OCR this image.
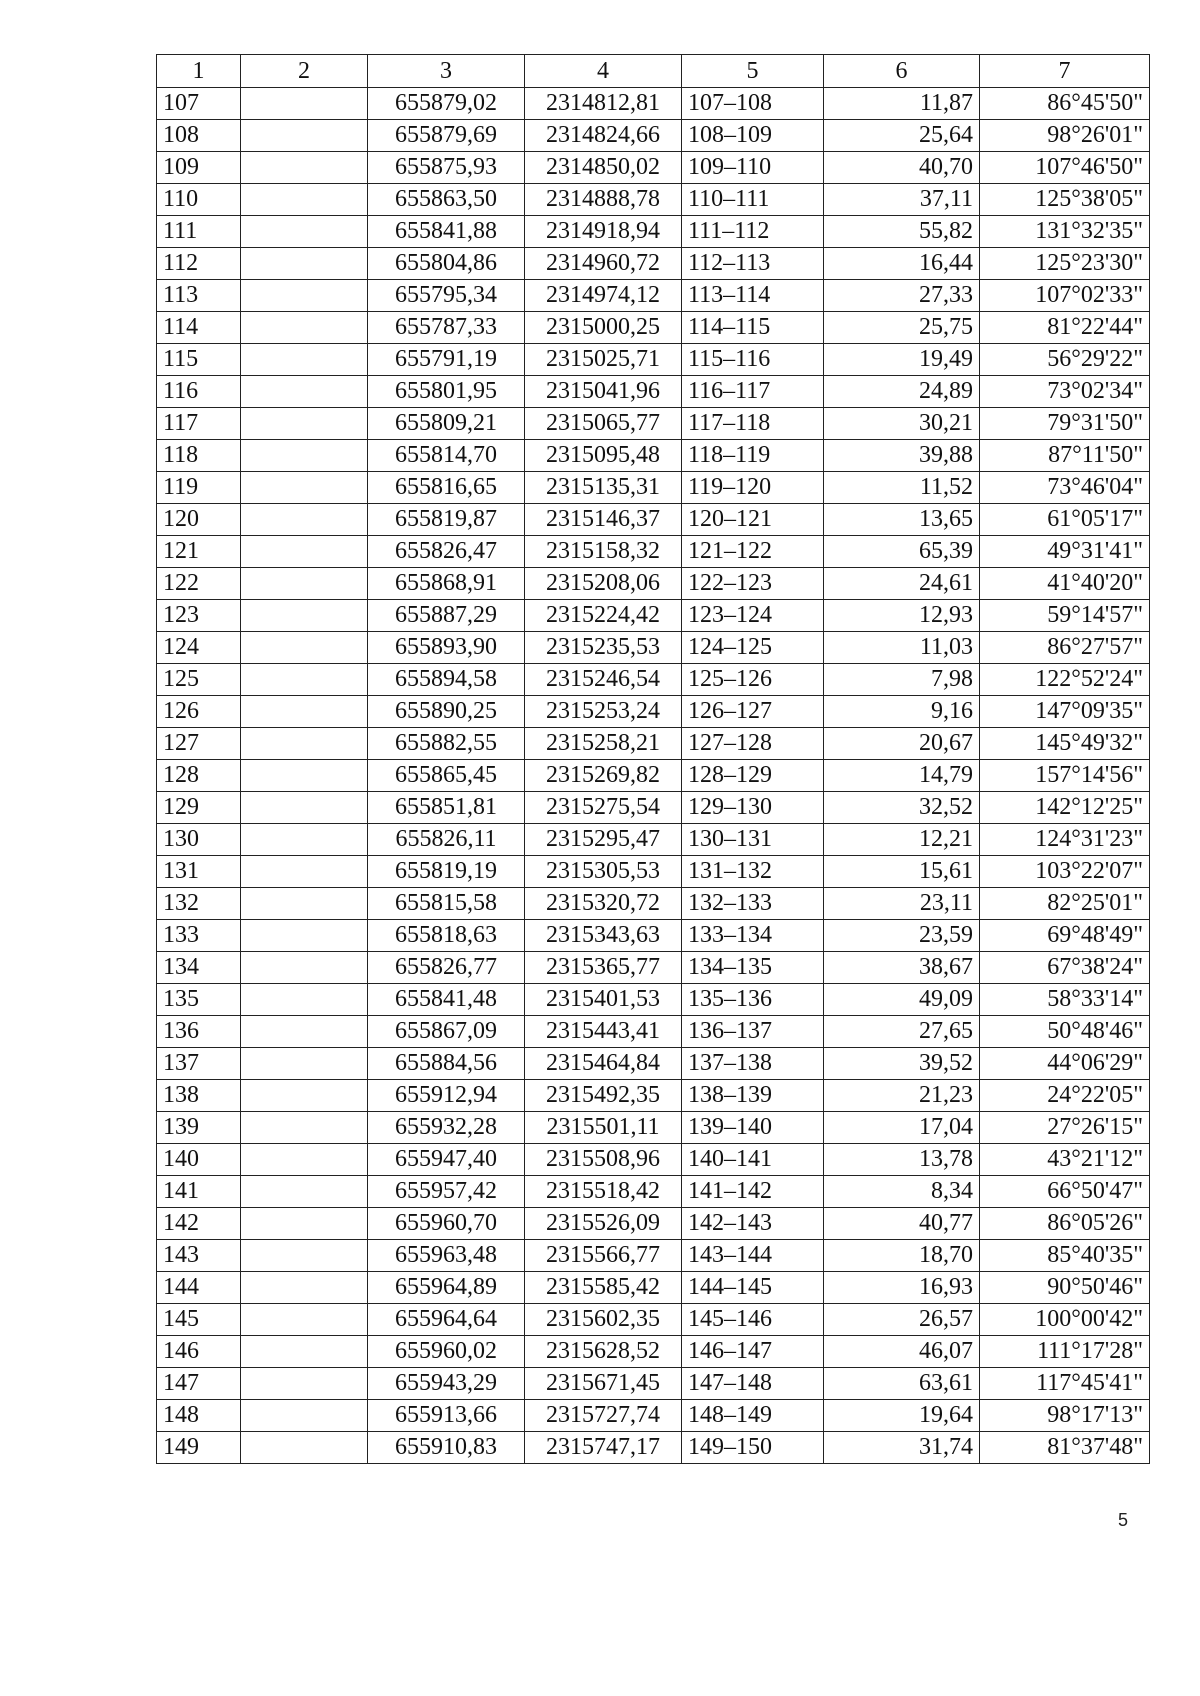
1	2	3	4	5	6	7
107		655879,02	2314812,81	107–108	11,87	86°45'50"
108		655879,69	2314824,66	108–109	25,64	98°26'01"
109		655875,93	2314850,02	109–110	40,70	107°46'50"
110		655863,50	2314888,78	110–111	37,11	125°38'05"
111		655841,88	2314918,94	111–112	55,82	131°32'35"
112		655804,86	2314960,72	112–113	16,44	125°23'30"
113		655795,34	2314974,12	113–114	27,33	107°02'33"
114		655787,33	2315000,25	114–115	25,75	81°22'44"
115		655791,19	2315025,71	115–116	19,49	56°29'22"
116		655801,95	2315041,96	116–117	24,89	73°02'34"
117		655809,21	2315065,77	117–118	30,21	79°31'50"
118		655814,70	2315095,48	118–119	39,88	87°11'50"
119		655816,65	2315135,31	119–120	11,52	73°46'04"
120		655819,87	2315146,37	120–121	13,65	61°05'17"
121		655826,47	2315158,32	121–122	65,39	49°31'41"
122		655868,91	2315208,06	122–123	24,61	41°40'20"
123		655887,29	2315224,42	123–124	12,93	59°14'57"
124		655893,90	2315235,53	124–125	11,03	86°27'57"
125		655894,58	2315246,54	125–126	7,98	122°52'24"
126		655890,25	2315253,24	126–127	9,16	147°09'35"
127		655882,55	2315258,21	127–128	20,67	145°49'32"
128		655865,45	2315269,82	128–129	14,79	157°14'56"
129		655851,81	2315275,54	129–130	32,52	142°12'25"
130		655826,11	2315295,47	130–131	12,21	124°31'23"
131		655819,19	2315305,53	131–132	15,61	103°22'07"
132		655815,58	2315320,72	132–133	23,11	82°25'01"
133		655818,63	2315343,63	133–134	23,59	69°48'49"
134		655826,77	2315365,77	134–135	38,67	67°38'24"
135		655841,48	2315401,53	135–136	49,09	58°33'14"
136		655867,09	2315443,41	136–137	27,65	50°48'46"
137		655884,56	2315464,84	137–138	39,52	44°06'29"
138		655912,94	2315492,35	138–139	21,23	24°22'05"
139		655932,28	2315501,11	139–140	17,04	27°26'15"
140		655947,40	2315508,96	140–141	13,78	43°21'12"
141		655957,42	2315518,42	141–142	8,34	66°50'47"
142		655960,70	2315526,09	142–143	40,77	86°05'26"
143		655963,48	2315566,77	143–144	18,70	85°40'35"
144		655964,89	2315585,42	144–145	16,93	90°50'46"
145		655964,64	2315602,35	145–146	26,57	100°00'42"
146		655960,02	2315628,52	146–147	46,07	111°17'28"
147		655943,29	2315671,45	147–148	63,61	117°45'41"
148		655913,66	2315727,74	148–149	19,64	98°17'13"
149		655910,83	2315747,17	149–150	31,74	81°37'48"
5
